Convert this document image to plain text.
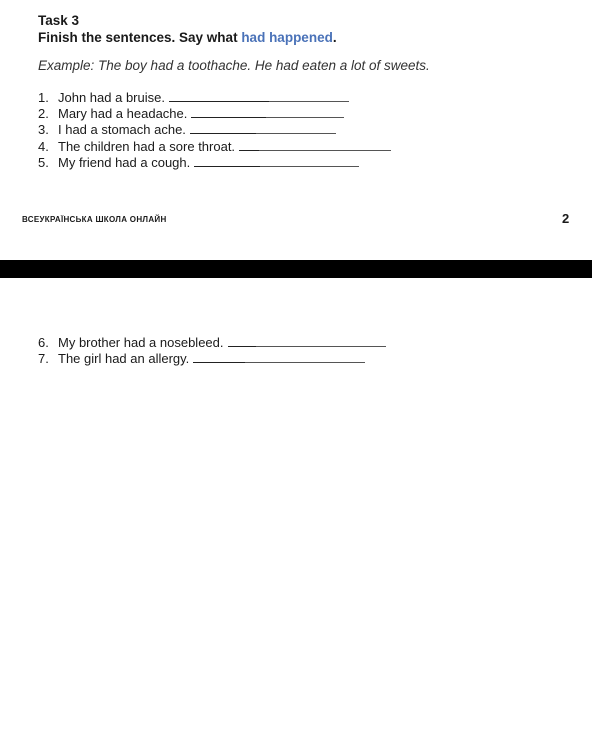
Task 3
Finish the sentences. Say what had happened.
Example: The boy had a toothache. He had eaten a lot of sweets.
1. John had a bruise.
2. Mary had a headache.
3. I had a stomach ache.
4. The children had a sore throat.
5. My friend had a cough.
ВСЕУКРАЇНСЬКА ШКОЛА ОНЛАЙН	2
6. My brother had a nosebleed.
7. The girl had an allergy.
